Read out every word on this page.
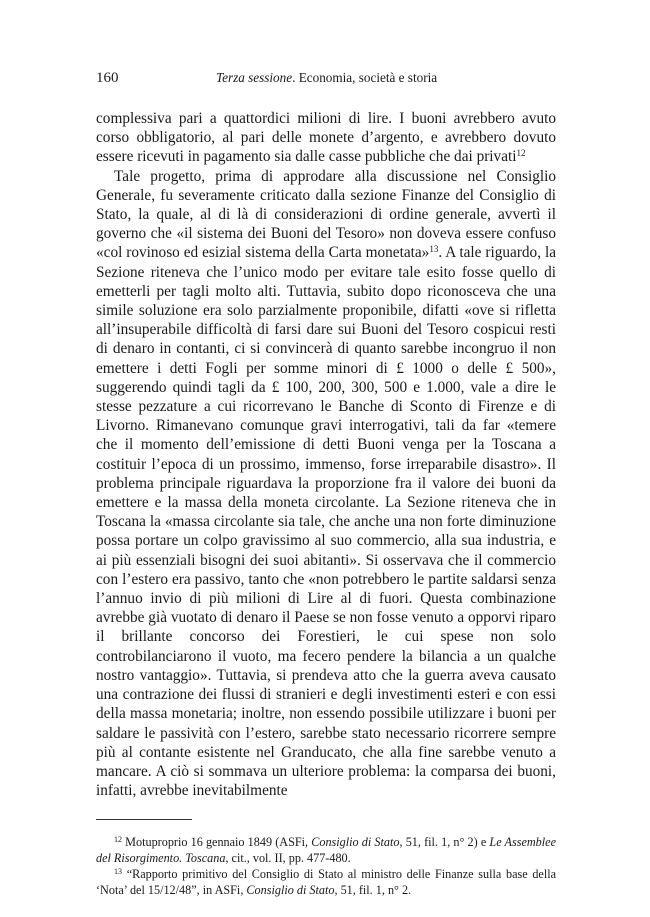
160	Terza sessione. Economia, società e storia

complessiva pari a quattordici milioni di lire. I buoni avrebbero avuto corso obbligatorio, al pari delle monete d’argento, e avrebbero dovuto essere ricevuti in pagamento sia dalle casse pubbliche che dai privati$^{12}$

Tale progetto, prima di approdare alla discussione nel Consiglio Generale, fu severamente criticato dalla sezione Finanze del Consiglio di Stato, la quale, al di là di considerazioni di ordine generale, avvertì il governo che «il sistema dei Buoni del Tesoro» non doveva essere confuso «col rovinoso ed esizial sistema della Carta monetata»$^{13}$. A tale riguardo, la Sezione riteneva che l’unico modo per evitare tale esito fosse quello di emetterli per tagli molto alti. Tuttavia, subito dopo riconosceva che una simile soluzione era solo parzialmente proponibile, difatti «ove si rifletta all’insuperabile difficoltà di farsi dare sui Buoni del Tesoro cospicui resti di denaro in contanti, ci si convincerà di quanto sarebbe incongruo il non emettere i detti Fogli per somme minori di £ 1000 o delle £ 500», suggerendo quindi tagli da £ 100, 200, 300, 500 e 1.000, vale a dire le stesse pezzature a cui ricorrevano le Banche di Sconto di Firenze e di Livorno. Rimanevano comunque gravi interrogativi, tali da far «temere che il momento dell’emissione di detti Buoni venga per la Toscana a costituir l’epoca di un prossimo, immenso, forse irreparabile disastro». Il problema principale riguardava la proporzione fra il valore dei buoni da emettere e la massa della moneta circolante. La Sezione riteneva che in Toscana la «massa circolante sia tale, che anche una non forte diminuzione possa portare un colpo gravissimo al suo commercio, alla sua industria, e ai più essenziali bisogni dei suoi abitanti». Si osservava che il commercio con l’estero era passivo, tanto che «non potrebbero le partite saldarsi senza l’annuo invio di più milioni di Lire al di fuori. Questa combinazione avrebbe già vuotato di denaro il Paese se non fosse venuto a opporvi riparo il brillante concorso dei Forestieri, le cui spese non solo controbilanciarono il vuoto, ma fecero pendere la bilancia a un qualche nostro vantaggio». Tuttavia, si prendeva atto che la guerra aveva causato una contrazione dei flussi di stranieri e degli investimenti esteri e con essi della massa monetaria; inoltre, non essendo possibile utilizzare i buoni per saldare le passività con l’estero, sarebbe stato necessario ricorrere sempre più al contante esistente nel Granducato, che alla fine sarebbe venuto a mancare. A ciò si sommava un ulteriore problema: la comparsa dei buoni, infatti, avrebbe inevitabilmente

$^{12}$ Motuproprio 16 gennaio 1849 (ASFi, Consiglio di Stato, 51, fil. 1, n° 2) e Le Assemblee del Risorgimento. Toscana, cit., vol. II, pp. 477-480.

$^{13}$ “Rapporto primitivo del Consiglio di Stato al ministro delle Finanze sulla base della ‘Nota’ del 15/12/48”, in ASFi, Consiglio di Stato, 51, fil. 1, n° 2.
